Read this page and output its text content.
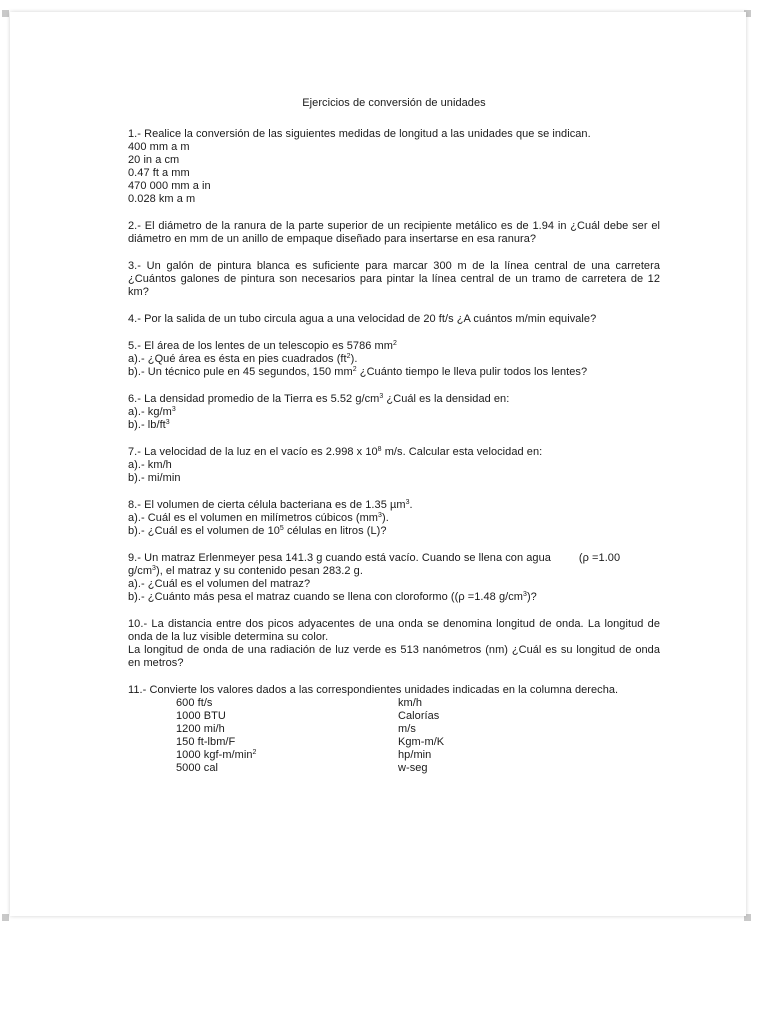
Ejercicios de conversión de unidades

1.- Realice la conversión de las siguientes medidas de longitud a las unidades que se indican.

400 mm a m

20 in a cm

0.47 ft a mm

470 000 mm a in

0.028 km a m

2.- El diámetro de la ranura de la parte superior de un recipiente metálico es de 1.94 in ¿Cuál debe ser el diámetro en mm de un anillo de empaque diseñado para insertarse en esa ranura?

3.- Un galón de pintura blanca es suficiente para marcar 300 m de la línea central de una carretera ¿Cuántos galones de pintura son necesarios para pintar la línea central de un tramo de carretera de 12 km?

4.- Por la salida de un tubo circula agua a una velocidad de 20 ft/s ¿A cuántos m/min equivale?

5.- El área de los lentes de un telescopio es 5786 $mm^2$

a).- ¿Qué área es ésta en pies cuadrados $(ft^2)$.

b).- Un técnico pule en 45 segundos, 150 $mm^2$ ¿Cuánto tiempo le lleva pulir todos los lentes?

6.- La densidad promedio de la Tierra es 5.52 $g/cm^3$ ¿Cuál es la densidad en:

a).- $kg/m^3$

b).- $lb/ft^3$

7.- La velocidad de la luz en el vacío es 2.998 x $10^8$ m/s. Calcular esta velocidad en:

a).- km/h

b).- mi/min

8.- El volumen de cierta célula bacteriana es de 1.35 µm$^3$.

a).- Cuál es el volumen en milímetros cúbicos $(mm^3)$.

b).- ¿Cuál es el volumen de $10^5$ células en litros (L)?

9.- Un matraz Erlenmeyer pesa 141.3 g cuando está vacío. Cuando se llena con agua	(ρ =1.00

$g/cm^3$), el matraz y su contenido pesan 283.2 g.

a).- ¿Cuál es el volumen del matraz?

b).- ¿Cuánto más pesa el matraz cuando se llena con cloroformo ((ρ =1.48 $g/cm^3$)?

10.- La distancia entre dos picos adyacentes de una onda se denomina longitud de onda. La longitud de onda de la luz visible determina su color.

La longitud de onda de una radiación de luz verde es 513 nanómetros (nm) ¿Cuál es su longitud de onda en metros?

11.- Convierte los valores dados a las correspondientes unidades indicadas en la columna derecha.

600 ft/s	km/h
1000 BTU	Calorías
1200 mi/h	m/s
150 ft-lbm/F	Kgm-m/K
1000 kgf-$m/\min^2$	hp/min
5000 cal	w-seg
